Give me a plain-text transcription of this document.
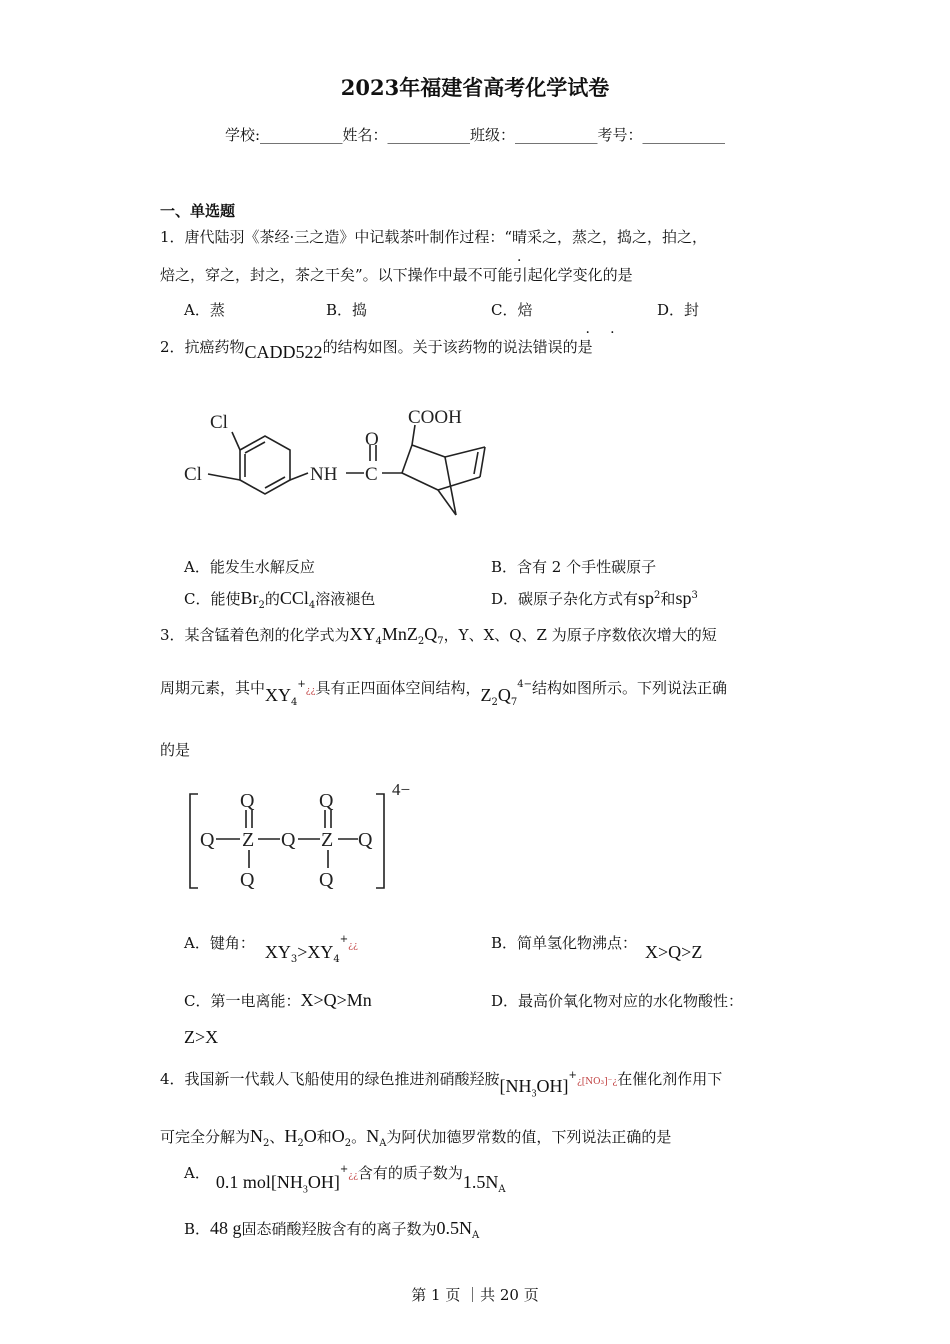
2023年福建省高考化学试卷
学校:___________姓名：___________班级：___________考号：___________
一、单选题
1．唐代陆羽《茶经·三之造》中记载茶叶制作过程：“晴采之，蒸之，捣之，拍之，
·
焙之，穿之，封之，茶之干矣”。以下操作中最不可能引起化学变化的是
A．蒸	B．捣	C．焙	D．封
2．抗癌药物CADD522的结构如图。关于该药物的说法错误的是
· ·
Cl
Cl	NH C
O
COOH
A．能发生水解反应	B．含有 2 个手性碳原子
C．能使$Br_2$的CCl$_4$溶液褪色	D．碳原子杂化方式有$sp^2$和$sp^3$
3．某含锰着色剂的化学式为$XY_4MnZ_2Q_7$，Y、X、Q、Z 为原子序数依次增大的短
周期元素，其中$XY_4^+¿¿$具有正四面体空间结构，$Z_2Q_7^{4-}$结构如图所示。下列说法正确
的是
Q	Q
Q Z Q Z Q
Q	Q
4−
A．键角： $XY_3>XY_4^+¿¿$	B．简单氢化物沸点： X>Q>Z
C．第一电离能：X>Q>Mn	D．最高价氧化物对应的水化物酸性：
Z>X
4．我国新一代载人飞船使用的绿色推进剂硝酸羟胺$[NH_3OH]^+¿[NO_3]^-¿$在催化剂作用下
可完全分解为$N_2$、$H_2O$和$O_2$。$N_A$为阿伏加德罗常数的值，下列说法正确的是
A． 0.1 $mol[NH_3OH]^+¿¿$含有的质子数为$1.5N_A$
B．48 g固态硝酸羟胺含有的离子数为$0.5N_A$
第 1 页 ｜共 20 页
